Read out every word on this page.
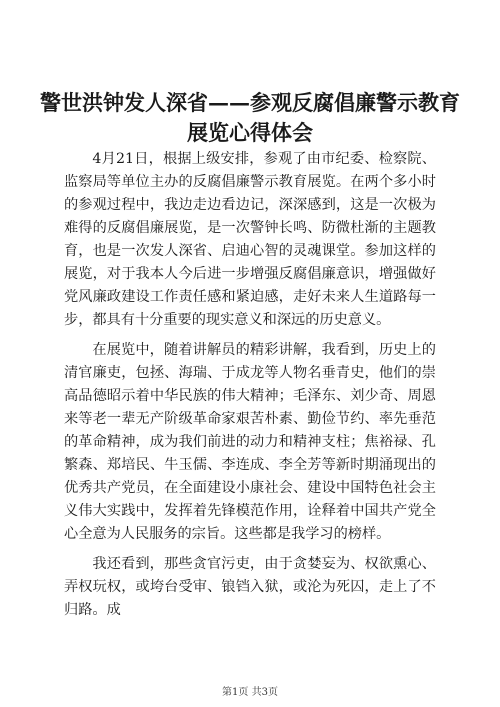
警世洪钟发人深省——参观反腐倡廉警示教育展览心得体会

4月21日，根据上级安排，参观了由市纪委、检察院、监察局等单位主办的反腐倡廉警示教育展览。在两个多小时的参观过程中，我边走边看边记，深深感到，这是一次极为难得的反腐倡廉展览，是一次警钟长鸣、防微杜渐的主题教育，也是一次发人深省、启迪心智的灵魂课堂。参加这样的展览，对于我本人今后进一步增强反腐倡廉意识，增强做好党风廉政建设工作责任感和紧迫感，走好未来人生道路每一步，都具有十分重要的现实意义和深远的历史意义。

在展览中，随着讲解员的精彩讲解，我看到，历史上的清官廉吏，包拯、海瑞、于成龙等人物名垂青史，他们的崇高品德昭示着中华民族的伟大精神；毛泽东、刘少奇、周恩来等老一辈无产阶级革命家艰苦朴素、勤俭节约、率先垂范的革命精神，成为我们前进的动力和精神支柱；焦裕禄、孔繁森、郑培民、牛玉儒、李连成、李全芳等新时期涌现出的优秀共产党员，在全面建设小康社会、建设中国特色社会主义伟大实践中，发挥着先锋模范作用，诠释着中国共产党全心全意为人民服务的宗旨。这些都是我学习的榜样。

我还看到，那些贪官污吏，由于贪婪妄为、权欲熏心、弄权玩权，或垮台受审、锒铛入狱，或沦为死囚，走上了不归路。成

第1页 共3页
